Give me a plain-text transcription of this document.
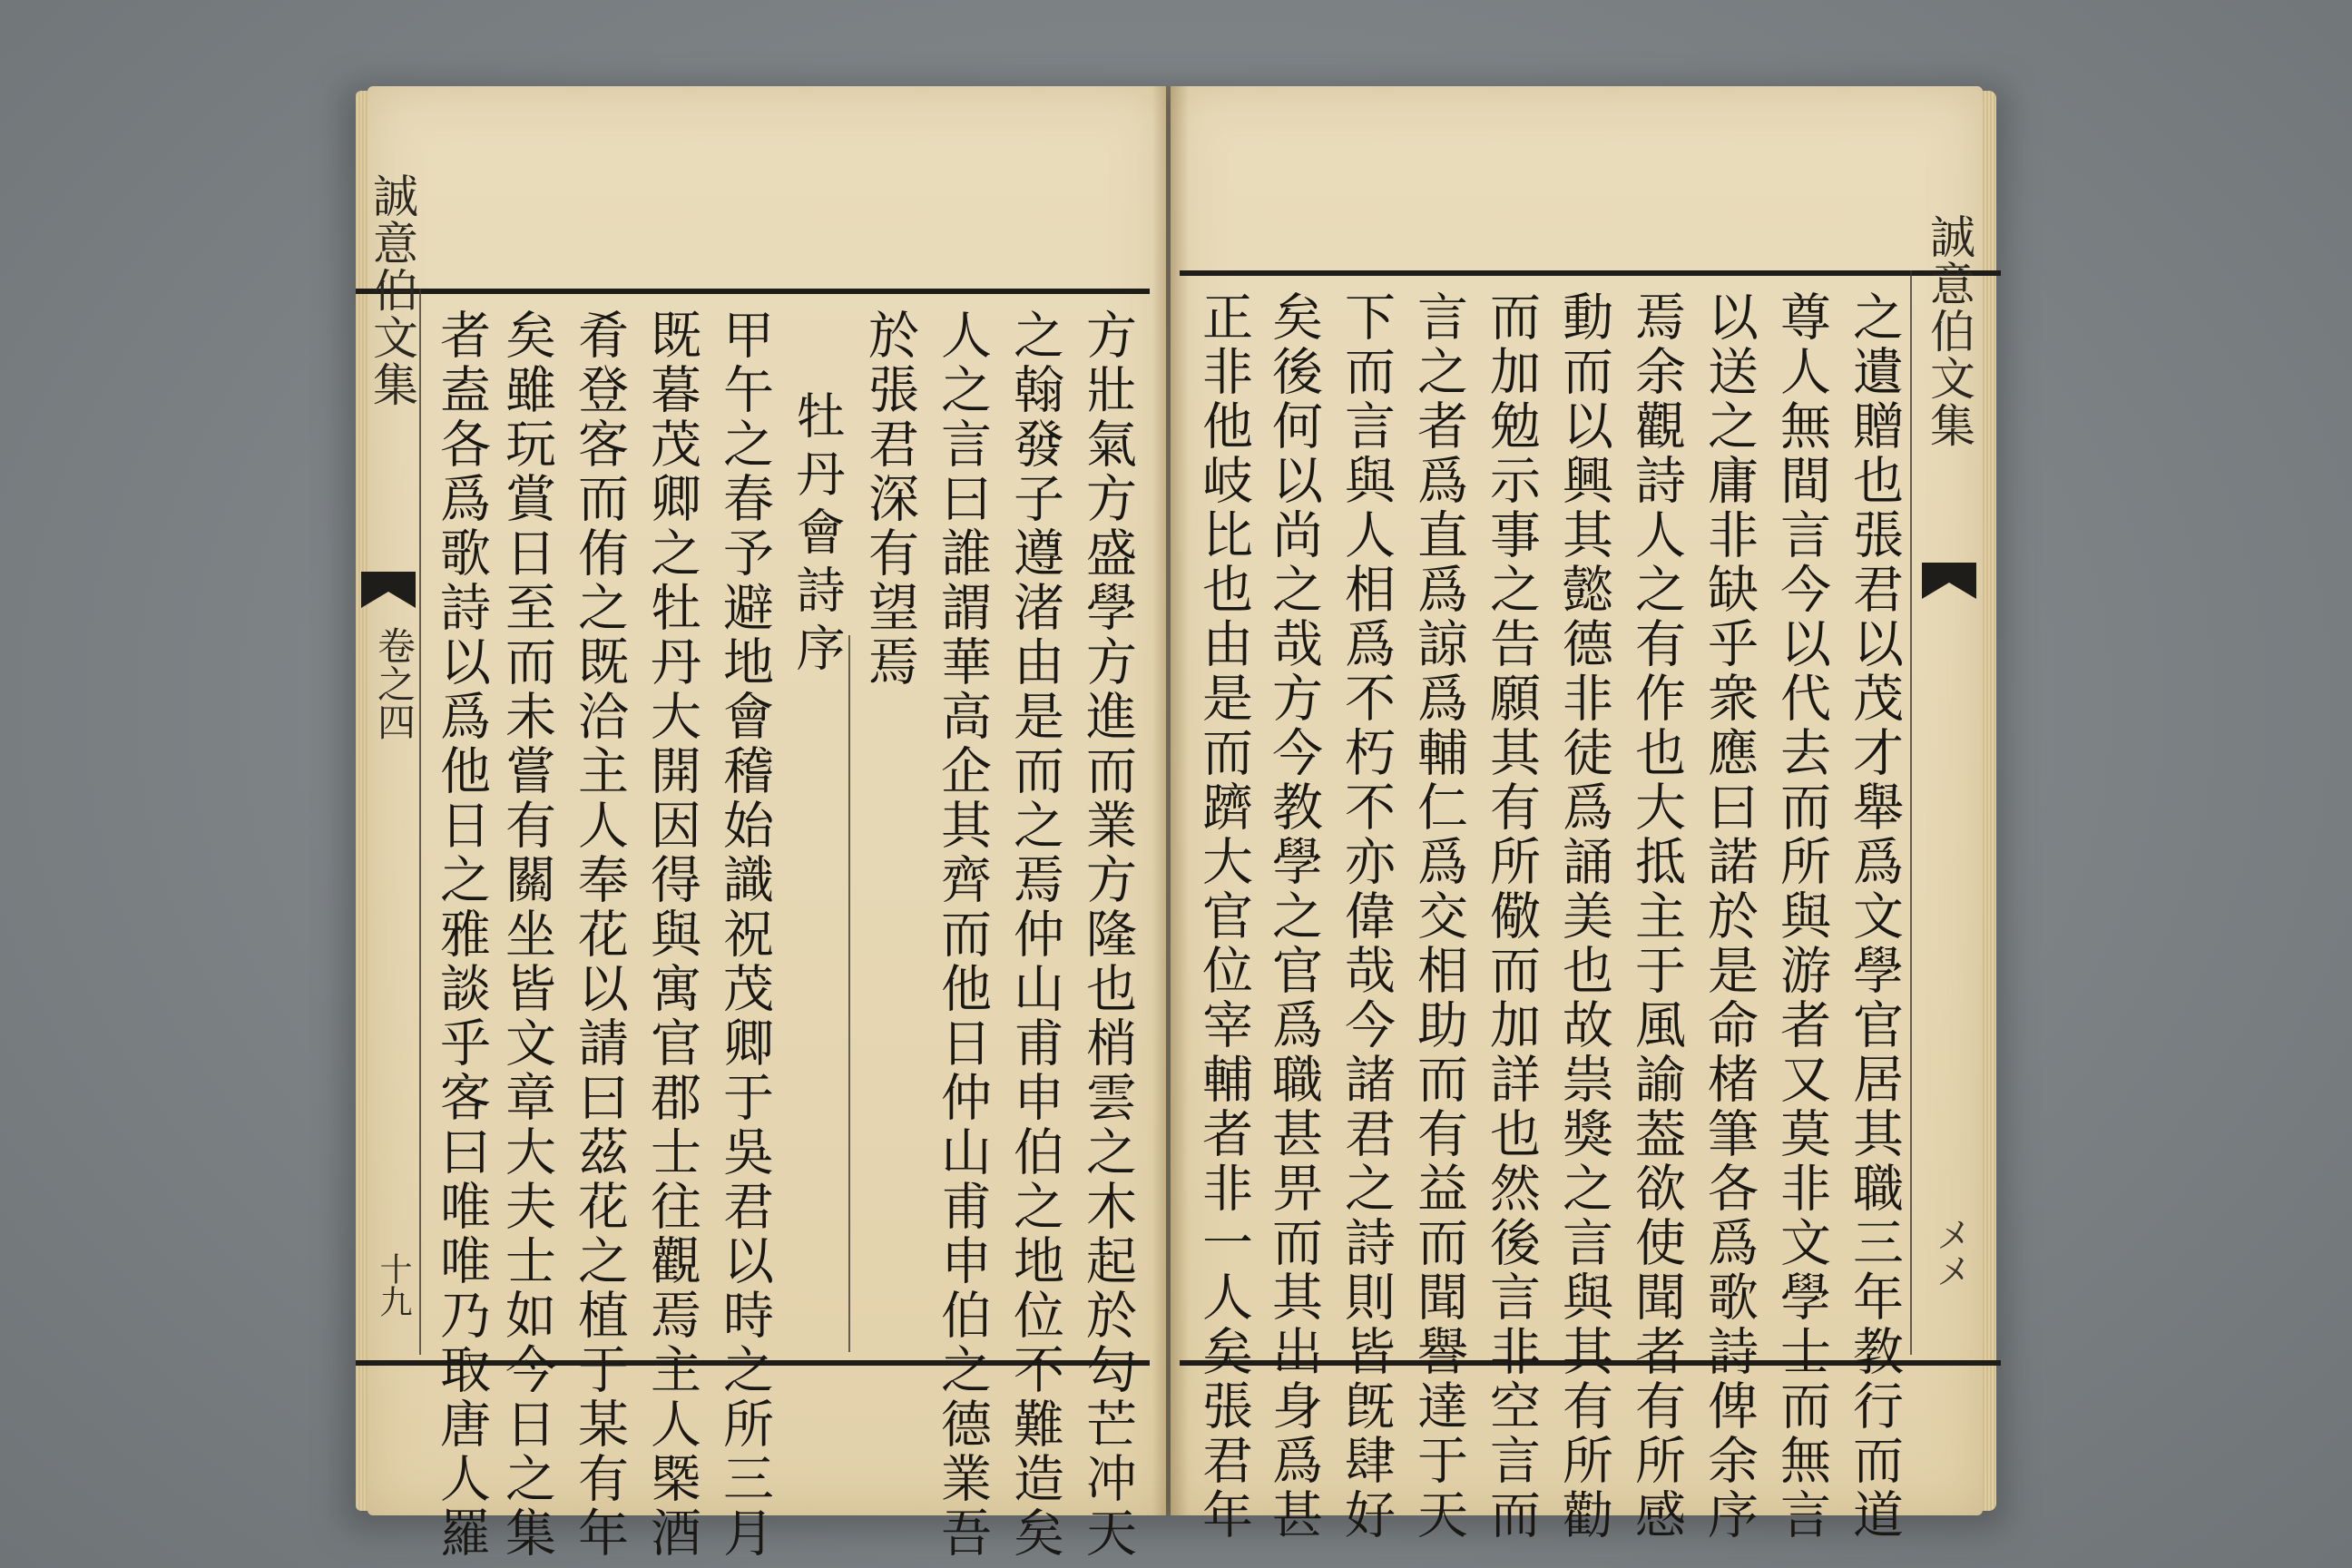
誠意伯文集
卷之四
十九	方壯氣方盛學方進而業方隆也梢雲之木起於勾芒冲天
之翰發子遵渚由是而之焉仲山甫申伯之地位不難造矣
人之言曰誰謂華高企其齊而他日仲山甫申伯之德業吾
於張君深有望焉
牡丹會詩序
甲午之春予避地會稽始識祝茂卿于吳君以時之所三月
既暮茂卿之牡丹大開因得與寓官郡士往觀焉主人㮣酒
肴登客而侑之既洽主人奉花以請曰茲花之植于某有年
矣雖玩賞日至而未嘗有關坐皆文章大夫士如今日之集
者盍各爲歌詩以爲他日之雅談乎客曰唯唯乃取唐人羅	誠意伯文集
メメ
之遺贈也張君以茂才舉爲文學官居其職三年教行而道
尊人無間言今以代去而所與游者又莫非文學士而無言
以送之庸非缺乎衆應曰諾於是命楮筆各爲歌詩俾余序
焉余觀詩人之有作也大抵主于風諭葢欲使聞者有所感
動而以興其懿德非徒爲誦美也故祟獎之言與其有所勸
而加勉示事之告願其有所儆而加詳也然後言非空言而
言之者爲直爲諒爲輔仁爲交相助而有益而聞譽達于天
下而言與人相爲不朽不亦偉哉今諸君之詩則皆旣肆好
矣後何以尚之哉方今教學之官爲職甚畀而其出身爲甚
正非他岐比也由是而躋大官位宰輔者非一人矣張君年
